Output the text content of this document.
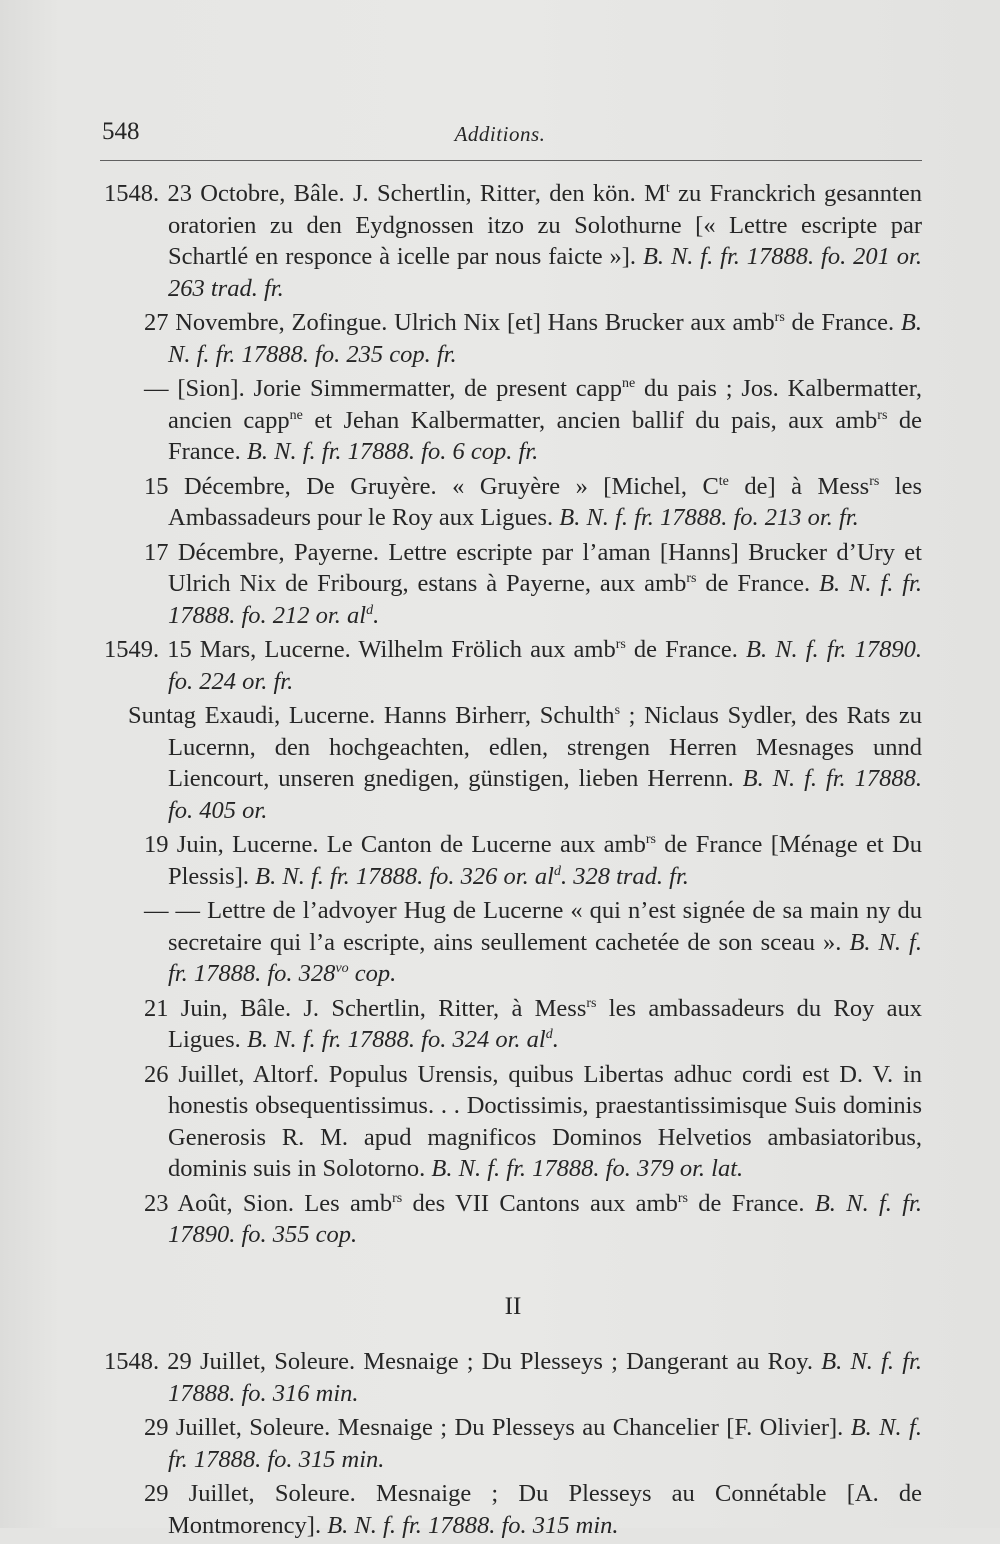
548	Additions.

1548. 23 Octobre, Bâle. J. Schertlin, Ritter, den kön. $M^t$ zu Franckrich gesannten oratorien zu den Eydgnossen itzo zu Solothurne [« Lettre escripte par Schartlé en responce à icelle par nous faicte »]. B. N. f. fr. 17888. fo. 201 or. 263 trad. fr.

27 Novembre, Zofingue. Ulrich Nix [et] Hans Brucker aux amb$^{rs}$ de France. B. N. f. fr. 17888. fo. 235 cop. fr.

— [Sion]. Jorie Simmermatter, de present capp$^{ne}$ du pais ; Jos. Kalbermatter, ancien capp$^{ne}$ et Jehan Kalbermatter, ancien ballif du pais, aux amb$^{rs}$ de France. B. N. f. fr. 17888. fo. 6 cop. fr.

15 Décembre, De Gruyère. « Gruyère » [Michel, $C^{te}$ de] à Mess$^{rs}$ les Ambassadeurs pour le Roy aux Ligues. B. N. f. fr. 17888. fo. 213 or. fr.

17 Décembre, Payerne. Lettre escripte par l’aman [Hanns] Brucker d’Ury et Ulrich Nix de Fribourg, estans à Payerne, aux amb$^{rs}$ de France. B. N. f. fr. 17888. fo. 212 or. al$^d$.

1549. 15 Mars, Lucerne. Wilhelm Frölich aux amb$^{rs}$ de France. B. N. f. fr. 17890. fo. 224 or. fr.

Suntag Exaudi, Lucerne. Hanns Birherr, Schulth$^s$ ; Niclaus Sydler, des Rats zu Lucernn, den hochgeachten, edlen, strengen Herren Mesnages unnd Liencourt, unseren gnedigen, günstigen, lieben Herrenn. B. N. f. fr. 17888. fo. 405 or.

19 Juin, Lucerne. Le Canton de Lucerne aux amb$^{rs}$ de France [Ménage et Du Plessis]. B. N. f. fr. 17888. fo. 326 or. al$^d$. 328 trad. fr.

— — Lettre de l’advoyer Hug de Lucerne « qui n’est signée de sa main ny du secretaire qui l’a escripte, ains seullement cachetée de son sceau ». B. N. f. fr. 17888. fo. 328$^{vo}$ cop.

21 Juin, Bâle. J. Schertlin, Ritter, à Mess$^{rs}$ les ambassadeurs du Roy aux Ligues. B. N. f. fr. 17888. fo. 324 or. al$^d$.

26 Juillet, Altorf. Populus Urensis, quibus Libertas adhuc cordi est D. V. in honestis obsequentissimus. . . Doctissimis, praestantissimisque Suis dominis Generosis R. M. apud magnificos Dominos Helvetios ambasiatoribus, dominis suis in Solotorno. B. N. f. fr. 17888. fo. 379 or. lat.

23 Août, Sion. Les amb$^{rs}$ des VII Cantons aux amb$^{rs}$ de France. B. N. f. fr. 17890. fo. 355 cop.

II

1548. 29 Juillet, Soleure. Mesnaige ; Du Plesseys ; Dangerant au Roy. B. N. f. fr. 17888. fo. 316 min.

29 Juillet, Soleure. Mesnaige ; Du Plesseys au Chancelier [F. Olivier]. B. N. f. fr. 17888. fo. 315 min.

29 Juillet, Soleure. Mesnaige ; Du Plesseys au Connétable [A. de Montmorency]. B. N. f. fr. 17888. fo. 315 min.
